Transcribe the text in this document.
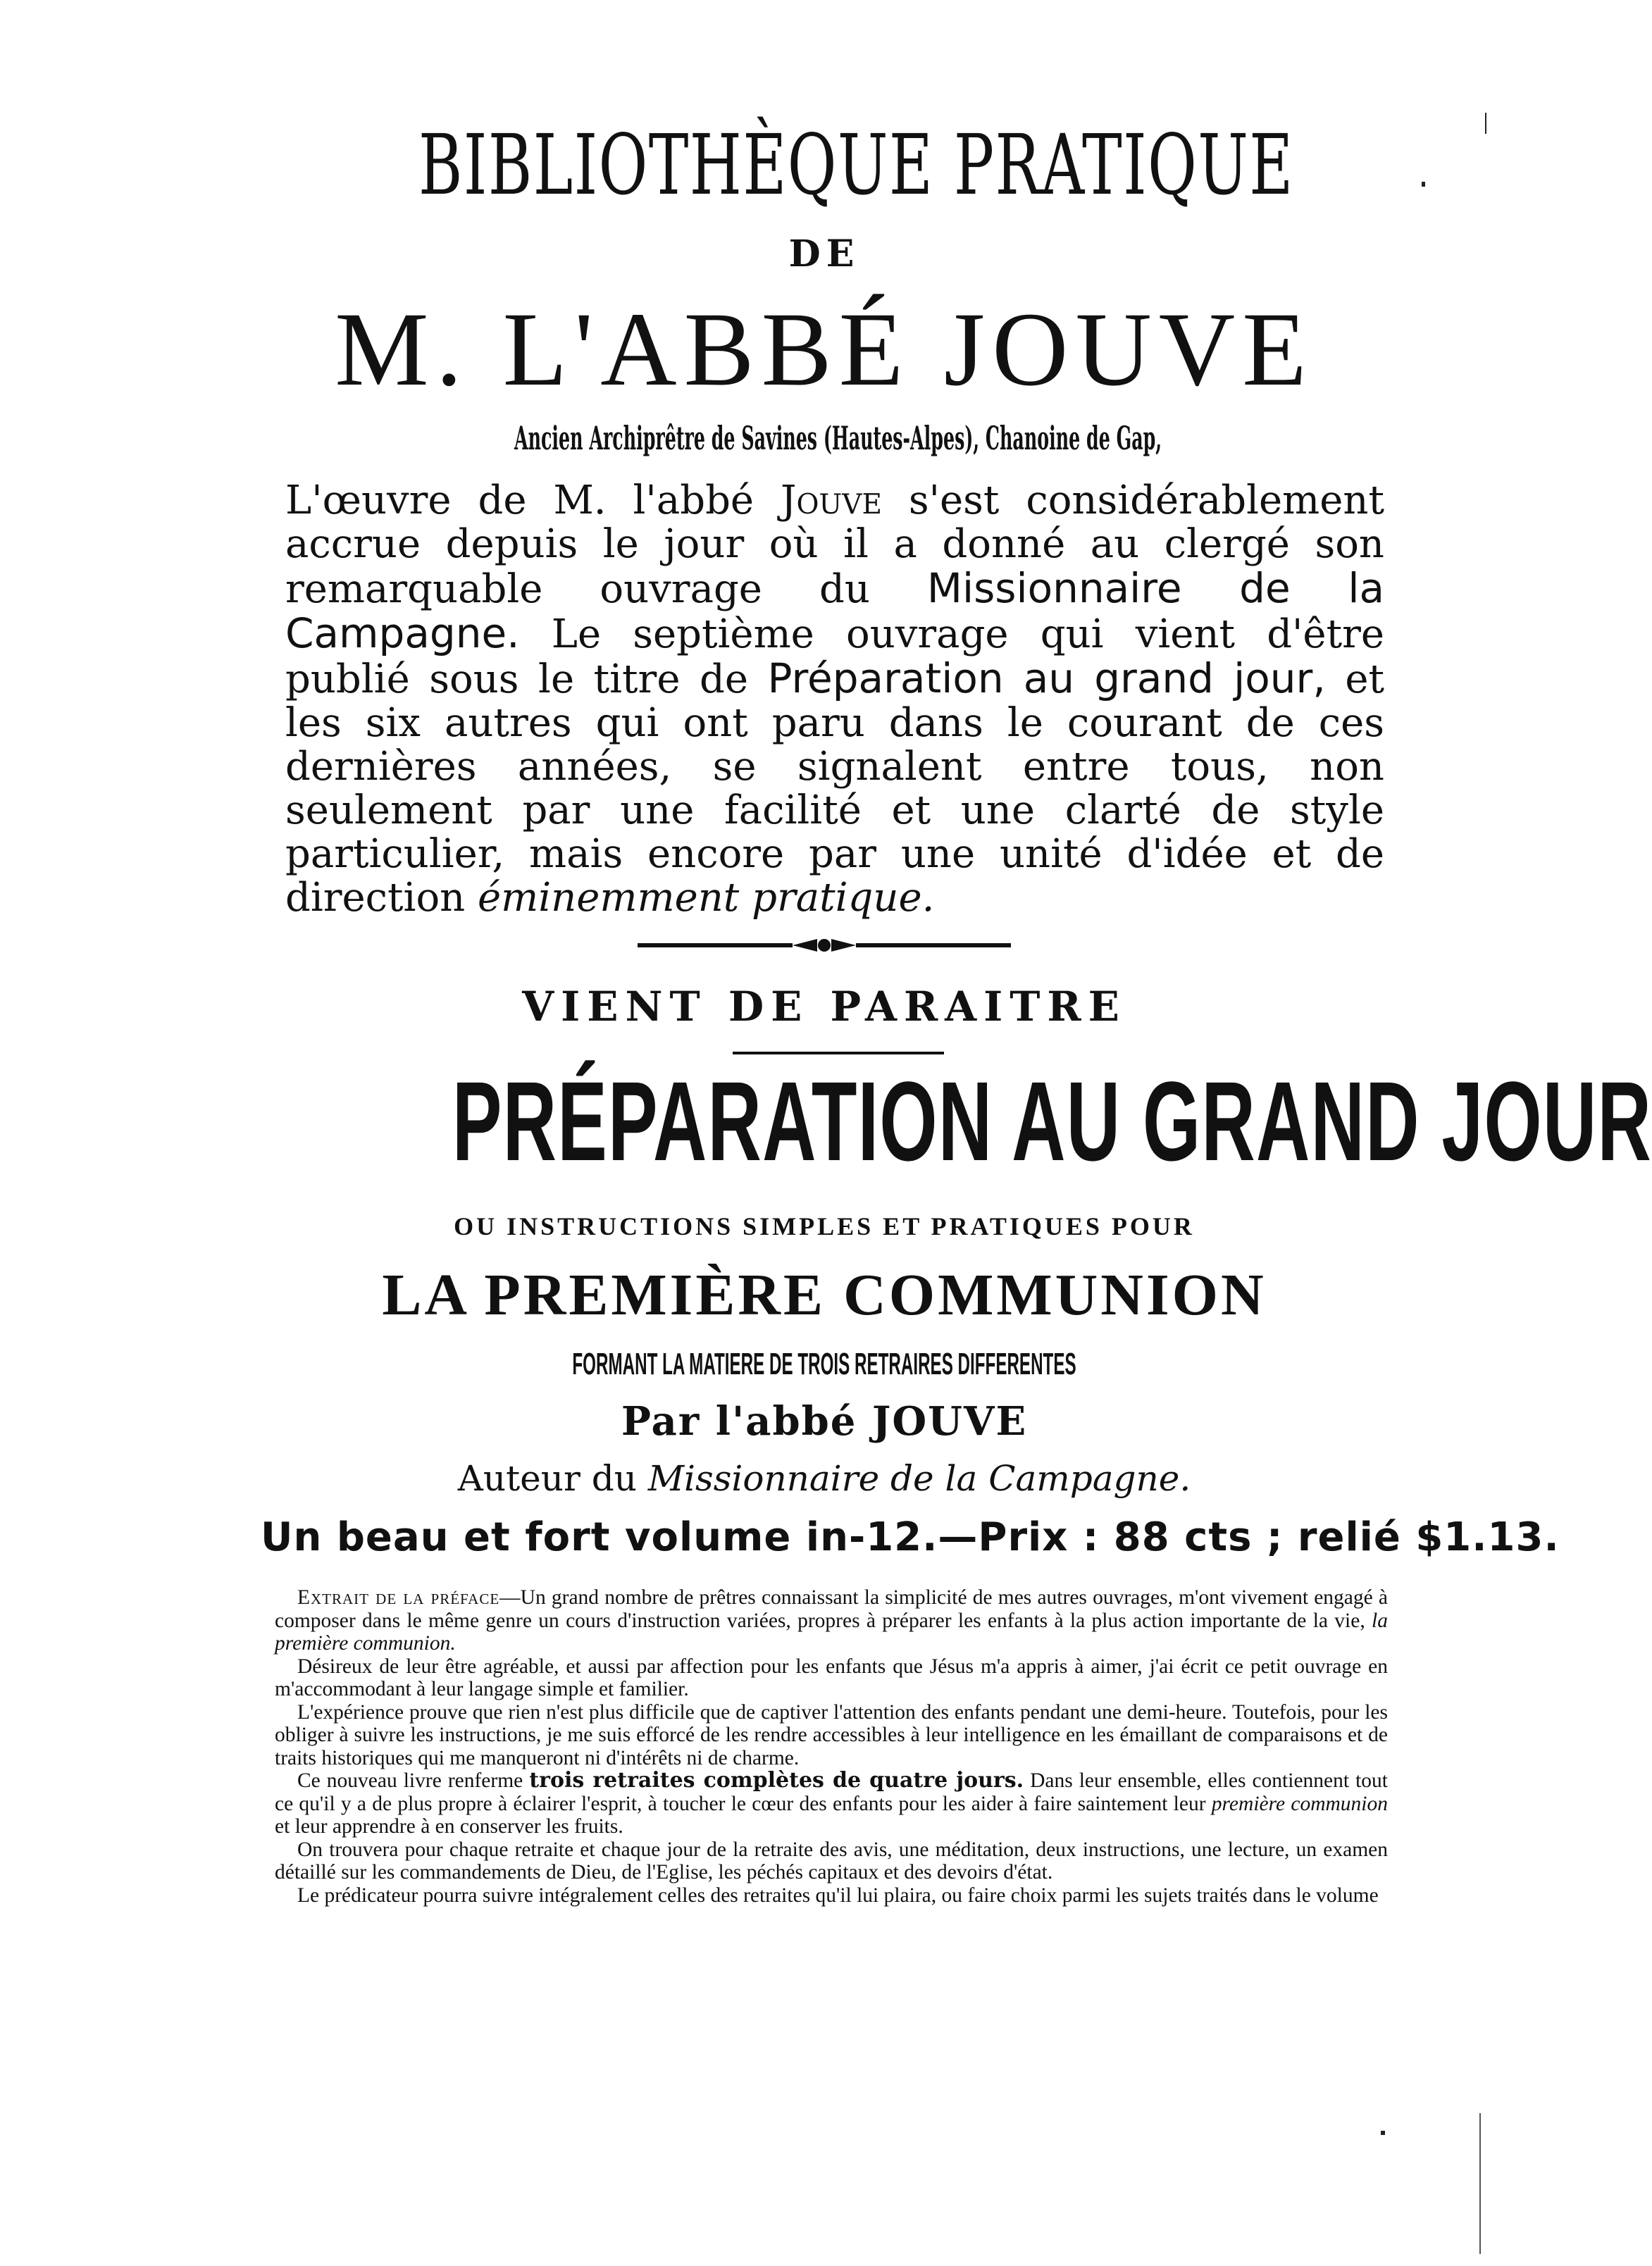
BIBLIOTHÈQUE PRATIQUE
DE
M. L'ABBÉ JOUVE
Ancien Archiprêtre de Savines (Hautes-Alpes), Chanoine de Gap,
L'œuvre de M. l'abbé Jouve s'est considérablement accrue depuis le jour où il a donné au clergé son remarquable ouvrage du Missionnaire de la Campagne. Le septième ouvrage qui vient d'être publié sous le titre de Préparation au grand jour, et les six autres qui ont paru dans le courant de ces dernières années, se signalent entre tous, non seulement par une facilité et une clarté de style particulier, mais encore par une unité d'idée et de direction éminemment pratique.
VIENT DE PARAITRE
PRÉPARATION AU GRAND JOUR
OU INSTRUCTIONS SIMPLES ET PRATIQUES POUR
LA PREMIÈRE COMMUNION
FORMANT LA MATIERE DE TROIS RETRAIRES DIFFERENTES
Par l'abbé JOUVE
Auteur du Missionnaire de la Campagne.
Un beau et fort volume in-12.—Prix : 88 cts ; relié $1.13.

Extrait de la préface—Un grand nombre de prêtres connaissant la simplicité de mes autres ouvrages, m'ont vivement engagé à composer dans le même genre un cours d'instruction variées, propres à préparer les enfants à la plus action importante de la vie, la première communion.

Désireux de leur être agréable, et aussi par affection pour les enfants que Jésus m'a appris à aimer, j'ai écrit ce petit ouvrage en m'accommodant à leur langage simple et familier.

L'expérience prouve que rien n'est plus difficile que de captiver l'attention des enfants pendant une demi-heure. Toutefois, pour les obliger à suivre les instructions, je me suis efforcé de les rendre accessibles à leur intelligence en les émaillant de comparaisons et de traits historiques qui me manqueront ni d'intérêts ni de charme.

Ce nouveau livre renferme trois retraites complètes de quatre jours. Dans leur ensemble, elles contiennent tout ce qu'il y a de plus propre à éclairer l'esprit, à toucher le cœur des enfants pour les aider à faire saintement leur première communion et leur apprendre à en conserver les fruits.

On trouvera pour chaque retraite et chaque jour de la retraite des avis, une méditation, deux instructions, une lecture, un examen détaillé sur les commandements de Dieu, de l'Eglise, les péchés capitaux et des devoirs d'état.

Le prédicateur pourra suivre intégralement celles des retraites qu'il lui plaira, ou faire choix parmi les sujets traités dans le volume
